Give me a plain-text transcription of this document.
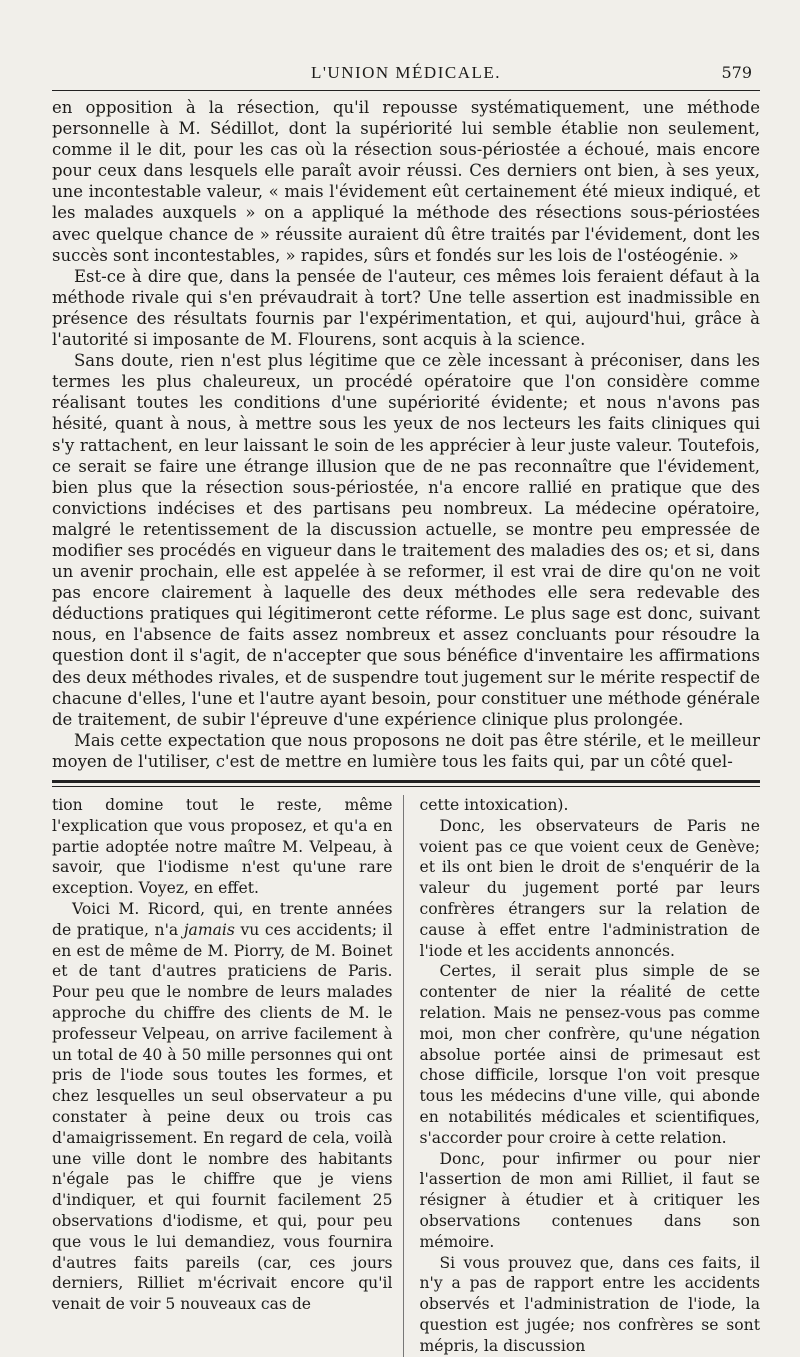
L'UNION MÉDICALE.	579

en opposition à la résection, qu'il repousse systématiquement, une méthode personnelle à M. Sédillot, dont la supériorité lui semble établie non seulement, comme il le dit, pour les cas où la résection sous-périostée a échoué, mais encore pour ceux dans lesquels elle paraît avoir réussi. Ces derniers ont bien, à ses yeux, une incontestable valeur, « mais l'évidement eût certainement été mieux indiqué, et les malades auxquels » on a appliqué la méthode des résections sous-périostées avec quelque chance de » réussite auraient dû être traités par l'évidement, dont les succès sont incontestables, » rapides, sûrs et fondés sur les lois de l'ostéogénie. »

Est-ce à dire que, dans la pensée de l'auteur, ces mêmes lois feraient défaut à la méthode rivale qui s'en prévaudrait à tort? Une telle assertion est inadmissible en présence des résultats fournis par l'expérimentation, et qui, aujourd'hui, grâce à l'autorité si imposante de M. Flourens, sont acquis à la science.

Sans doute, rien n'est plus légitime que ce zèle incessant à préconiser, dans les termes les plus chaleureux, un procédé opératoire que l'on considère comme réalisant toutes les conditions d'une supériorité évidente; et nous n'avons pas hésité, quant à nous, à mettre sous les yeux de nos lecteurs les faits cliniques qui s'y rattachent, en leur laissant le soin de les apprécier à leur juste valeur. Toutefois, ce serait se faire une étrange illusion que de ne pas reconnaître que l'évidement, bien plus que la résection sous-périostée, n'a encore rallié en pratique que des convictions indécises et des partisans peu nombreux. La médecine opératoire, malgré le retentissement de la discussion actuelle, se montre peu empressée de modifier ses procédés en vigueur dans le traitement des maladies des os; et si, dans un avenir prochain, elle est appelée à se reformer, il est vrai de dire qu'on ne voit pas encore clairement à laquelle des deux méthodes elle sera redevable des déductions pratiques qui légitimeront cette réforme. Le plus sage est donc, suivant nous, en l'absence de faits assez nombreux et assez concluants pour résoudre la question dont il s'agit, de n'accepter que sous bénéfice d'inventaire les affirmations des deux méthodes rivales, et de suspendre tout jugement sur le mérite respectif de chacune d'elles, l'une et l'autre ayant besoin, pour constituer une méthode générale de traitement, de subir l'épreuve d'une expérience clinique plus prolongée.

Mais cette expectation que nous proposons ne doit pas être stérile, et le meilleur moyen de l'utiliser, c'est de mettre en lumière tous les faits qui, par un côté quel-

tion domine tout le reste, même l'explication que vous proposez, et qu'a en partie adoptée notre maître M. Velpeau, à savoir, que l'iodisme n'est qu'une rare exception. Voyez, en effet.

Voici M. Ricord, qui, en trente années de pratique, n'a jamais vu ces accidents; il en est de même de M. Piorry, de M. Boinet et de tant d'autres praticiens de Paris. Pour peu que le nombre de leurs malades approche du chiffre des clients de M. le professeur Velpeau, on arrive facilement à un total de 40 à 50 mille personnes qui ont pris de l'iode sous toutes les formes, et chez lesquelles un seul observateur a pu constater à peine deux ou trois cas d'amaigrissement. En regard de cela, voilà une ville dont le nombre des habitants n'égale pas le chiffre que je viens d'indiquer, et qui fournit facilement 25 observations d'iodisme, et qui, pour peu que vous le lui demandiez, vous fournira d'autres faits pareils (car, ces jours derniers, Rilliet m'écrivait encore qu'il venait de voir 5 nouveaux cas de

cette intoxication).

Donc, les observateurs de Paris ne voient pas ce que voient ceux de Genève; et ils ont bien le droit de s'enquérir de la valeur du jugement porté par leurs confrères étrangers sur la relation de cause à effet entre l'administration de l'iode et les accidents annoncés.

Certes, il serait plus simple de se contenter de nier la réalité de cette relation. Mais ne pensez-vous pas comme moi, mon cher confrère, qu'une négation absolue portée ainsi de primesaut est chose difficile, lorsque l'on voit presque tous les médecins d'une ville, qui abonde en notabilités médicales et scientifiques, s'accorder pour croire à cette relation.

Donc, pour infirmer ou pour nier l'assertion de mon ami Rilliet, il faut se résigner à étudier et à critiquer les observations contenues dans son mémoire.

Si vous prouvez que, dans ces faits, il n'y a pas de rapport entre les accidents observés et l'administration de l'iode, la question est jugée; nos confrères se sont mépris, la discussion
